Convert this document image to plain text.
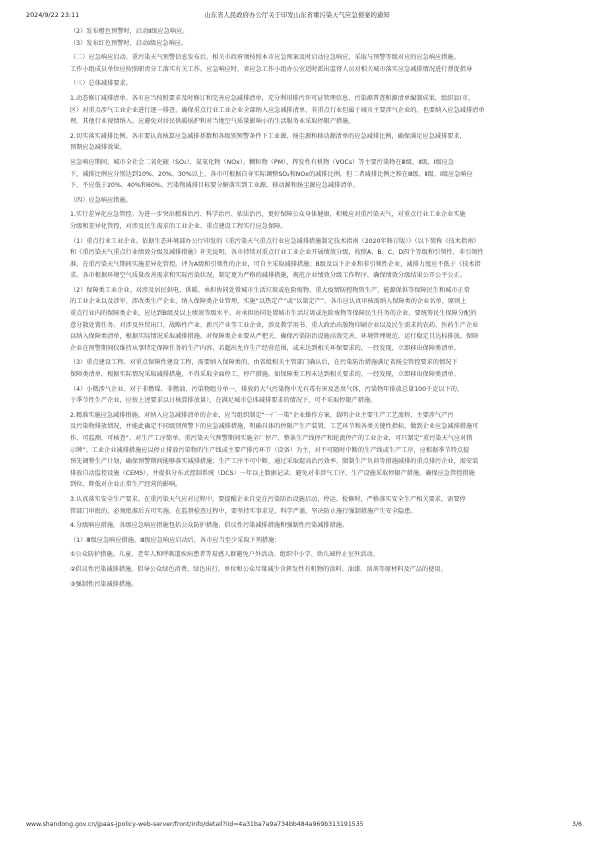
2024/9/22 23:11	山东省人民政府办公厅关于印发山东省重污染天气应急预案的通知
（2）发布橙色预警时，启动Ⅱ级应急响应。
（3）发布红色预警时，启动Ⅰ级应急响应。
（二）应急响应启动。重污染天气预警信息发布后，相关市政府须按照本市应急预案及时启动应急响应，采取与预警等级对应的应急响应措施。
工作小组成员单位应按照职责分工落实有关工作。应急响应时，省应急工作小组办公室适时派出监督人员对相关城市落实应急减排情况进行督促指导
（三）总体减排要求。
1.动态修订减排清单。各市应当按照要求及时修订和完善应急减排清单，充分利用排污许可证管理信息、污染源普查和源清单编制成果，组织县(市、
区）对重点涉气工业企业进行逐一排查，确保重点行业工业企业全部纳入应急减排清单，非重点行业但属于城市主要涉气企业的，也要纳入应急减排清单
理，其他行业视情纳入。应避免对居民供暖锅炉和对当地空气质量影响小的生活服务业采取停限产措施。
2.切实落实减排比例。各市要认真核算应急减排基数和各级别预警条件下工业源、扬尘源和移动源清单的应急减排比例，确保满足应急减排要求，
预期应急减排效果。
应急响应期间，城市全社会二氧化硫（SO₂）、氮氧化物（NOx）、颗粒物（PM）、挥发性有机物（VOCs）等主要污染物在Ⅲ级、Ⅱ级、Ⅰ级应急
下，减排比例应分别达到10%、20%、30%以上，各市可根据自身实际调整SO₂和NOx的减排比例，但二者减排比例之和在Ⅲ级、Ⅱ级、Ⅰ级应急响应
下，不应低于20%、40%和60%。污染物减排目标要分解落实到工业源、移动源和扬尘源应急减排清单。
（四）应急响应措施。
1.实行差异化应急管控。为进一步突出精准治污、科学治污、依法治污，更好保障公众身体健康，积极应对重污染天气，对重点行业工业企业实施
分级和差异化管控，对涉及民生需求的工业企业、重点建设工程实行应急保障。
（1）重点行业工业企业。依据生态环境部办公厅印发的《重污染天气重点行业应急减排措施制定技术指南（2020年修订版）》（以下简称《技术指南》
和《重污染天气重点行业绩效分级及减排措施》补充说明，各市持续对重点行业工业企业开展绩效分级，按照A、B、C、D四个等级和引领性、非引领性
准，在重污染天气期间实施差异化管控。评为A级和引领性的企业，可自主采取减排措施；B级及以下企业和非引领性企业，减排力度应不低于《技术指
求。各市根据环境空气质量改善需求和实际污染状况，制定更为严格的减排措施，规范企业绩效分级工作程序，确保绩效分级结果公开公平公正。
（2）保障类工业企业。对涉及居民供电、供暖、承担协同处置城市生活垃圾或危险废物、重大疫情防控物资生产、能源保供等保障民生和城市正常
的工业企业以及涉军、涉改类生产企业，纳入保障类企业管理，实施“以热定产”或“以量定产”。各市应认真审核需纳入保障类的企业名单，原则上
重点行业内的保障类企业，应达到B级及以上绩效等级水平。对承担协同处置城市生活垃圾或危险废物等保障民生任务的企业，要统筹民生保障分配的
意分散处置任务。对涉及外贸出口、战略性产业、新兴产业等工业企业，涉及教学用书、重大政治出版物印刷企业以及民生需求的农药、医药生产企业
以纳入保障类清单，根据实际情况采取减排措施。对保障类企业要从严把关，确保污染防治设施高效完善、环境管理规范、运行稳定且达标排放。保障
企业在预警期间仅维持从事特定保障任务的生产内容，若超出允许生产经营范围，或未达到相关环保要求的，一经发现，立即移出保障类清单。
（3）重点建设工程。对重点保障性建设工程，需要纳入保障类的，由省级相关主管部门确认后，在污染防治措施满足省扬尘管控要求的情况下
保障类清单，根据实际情况采取减排措施，不得采取全面停工、停产措施。如保障类工程未达到相关要求的，一经发现，立即移出保障类清单。
（4）小微涉气企业。对于非燃煤、非燃油，污染物组分单一，排放的大气污染物中无有毒有害及恶臭气体，污染物年排放总量100千克以下的，
于季节性生产企业，应按上述要求以日核算排放量），在满足城市总体减排要求的情况下，可不采取停限产措施。
2.精准实施应急减排措施。对纳入应急减排清单的企业，应当组织制定“一厂一策”企业操作方案，载明企业主要生产工艺流程、主要涉气产污
及污染物排放情况，并能此确定不同级别预警下的应急减排措施，明确具体的停限产生产装置、工艺环节和各类关键性指标，做到企业应急减排措施可
作、可监测、可核查”。对生产工序简单、重污染天气预警期间实施全厂停产、整条生产线停产和轮流停产的工业企业，可只制定“重污染天气应对措
示牌”。工业企业减排措施应以停止排放污染物的生产线或主要产排污环节（设备）为主，对不可随时中断的生产线或生产工序，应根据季节特点提
预先调整生产计划，确保预警期间能够落实减排措施；生产工序不可中断，通过采取提高治污效率、限制生产负荷等措施减排的重点排污企业，需安装
排放自动监控设施（CEMS），并提供分布式控制系统（DCS）一年以上数据记录。避免对非涉气工序、生产设施采取停限产措施，确保应急管控措施
到位，降低对企业正常生产经营的影响。
3.认真落实安全生产要求。在重污染天气应对过程中，要提醒企业自觉在污染防治设施启动、停运、检修时，严格落实安全生产相关要求，需要停
管部门审批的，必须批准后方可实施。在监督检查过程中，要坚持实事求是、科学严谨，坚决防止施行强制措施产生安全隐患。
4.分级响应措施。各级应急响应措施包括公众防护措施、倡议性污染减排措施和强制性污染减排措施。
（1）Ⅲ级应急响应措施。Ⅲ级应急响应启动后，各市应当至少采取下列措施：
①公众防护措施。儿童、老年人和呼吸道疾病患者等易感人群避免户外活动。组织中小学、幼儿园停止室外活动。
②倡议性污染减排措施。倡导公众绿色消费、绿色出行，单位和公众尽量减少含挥发性有机物的涂料、油漆、溶剂等原材料及产品的使用。
③强制性污染减排措施。
www.shandong.gov.cn/jpaas-jpolicy-web-server/front/info/detail?iid=4a31ba7a9a734bb484a969b313191535	3/6
